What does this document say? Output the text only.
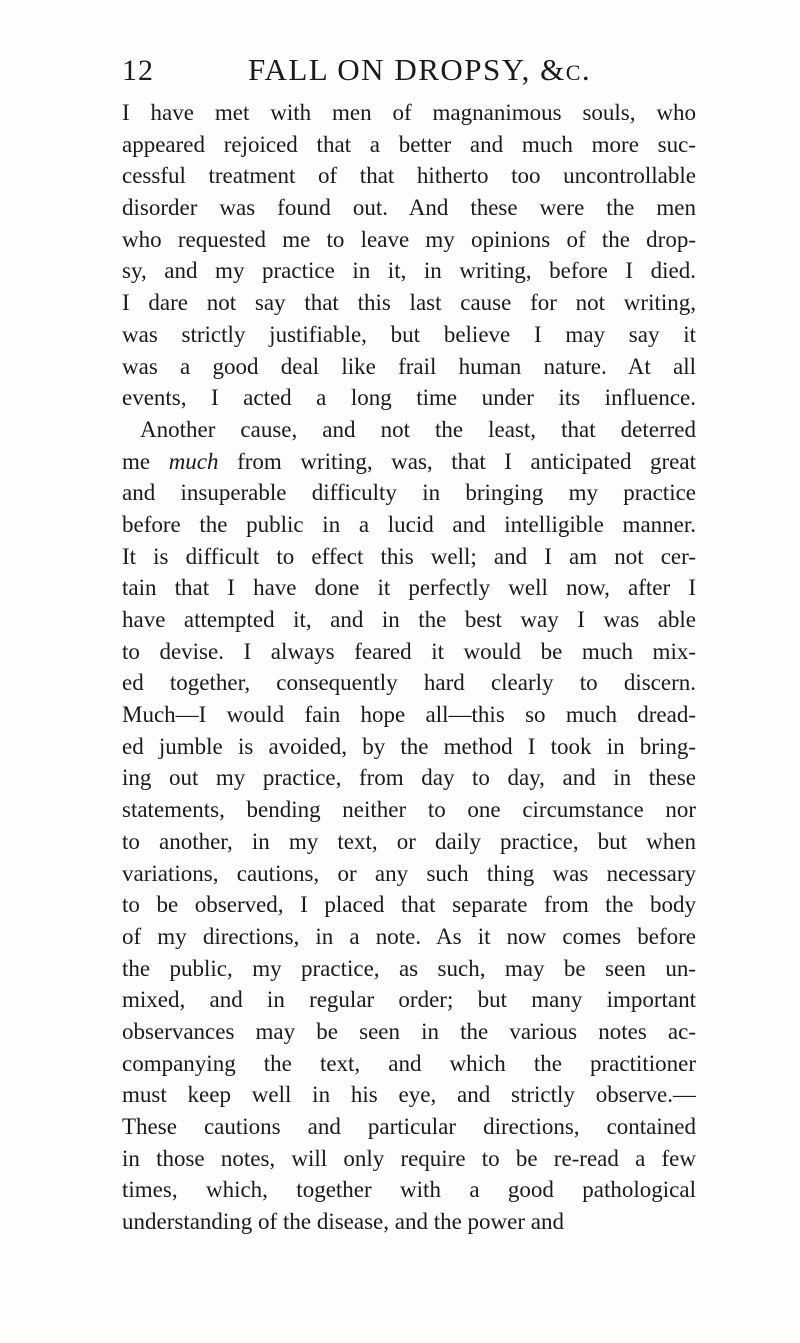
12	FALL ON DROPSY, &c.
I have met with men of magnanimous souls, who
appeared rejoiced that a better and much more suc-
cessful treatment of that hitherto too uncontrollable
disorder was found out. And these were the men
who requested me to leave my opinions of the drop-
sy, and my practice in it, in writing, before I died.
I dare not say that this last cause for not writing,
was strictly justifiable, but believe I may say it
was a good deal like frail human nature. At all
events, I acted a long time under its influence.
Another cause, and not the least, that deterred
me much from writing, was, that I anticipated great
and insuperable difficulty in bringing my practice
before the public in a lucid and intelligible manner.
It is difficult to effect this well; and I am not cer-
tain that I have done it perfectly well now, after I
have attempted it, and in the best way I was able
to devise. I always feared it would be much mix-
ed together, consequently hard clearly to discern.
Much—I would fain hope all—this so much dread-
ed jumble is avoided, by the method I took in bring-
ing out my practice, from day to day, and in these
statements, bending neither to one circumstance nor
to another, in my text, or daily practice, but when
variations, cautions, or any such thing was necessary
to be observed, I placed that separate from the body
of my directions, in a note. As it now comes before
the public, my practice, as such, may be seen un-
mixed, and in regular order; but many important
observances may be seen in the various notes ac-
companying the text, and which the practitioner
must keep well in his eye, and strictly observe.—
These cautions and particular directions, contained
in those notes, will only require to be re-read a few
times, which, together with a good pathological
understanding of the disease, and the power and
